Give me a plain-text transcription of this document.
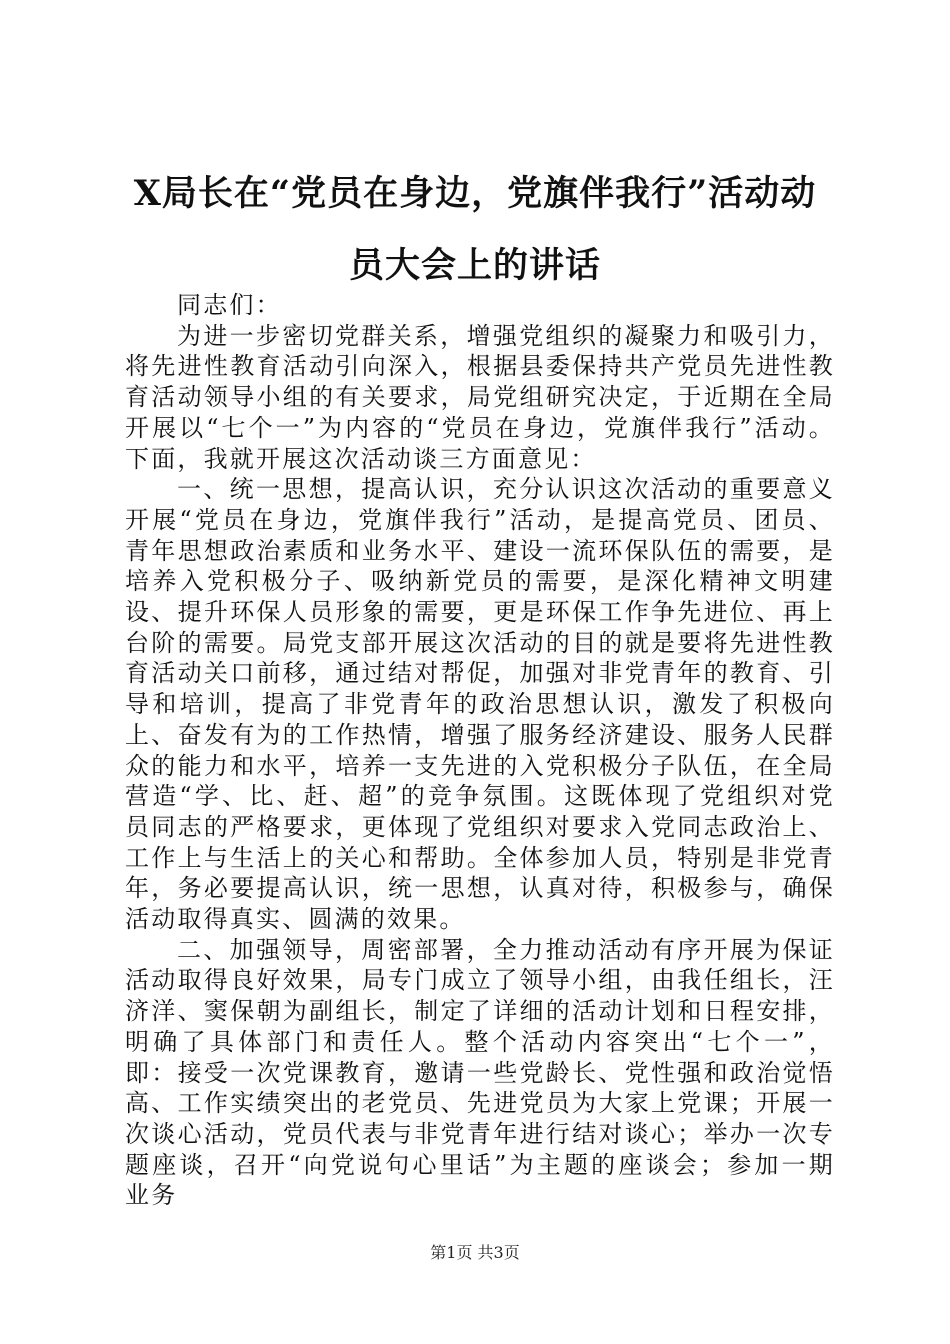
X局长在“党员在身边，党旗伴我行”活动动
员大会上的讲话

同志们：

为进一步密切党群关系，增强党组织的凝聚力和吸引力，将先进性教育活动引向深入，根据县委保持共产党员先进性教育活动领导小组的有关要求，局党组研究决定，于近期在全局开展以“七个一”为内容的“党员在身边，党旗伴我行”活动。下面，我就开展这次活动谈三方面意见：

一、统一思想，提高认识，充分认识这次活动的重要意义开展“党员在身边，党旗伴我行”活动，是提高党员、团员、青年思想政治素质和业务水平、建设一流环保队伍的需要，是培养入党积极分子、吸纳新党员的需要，是深化精神文明建设、提升环保人员形象的需要，更是环保工作争先进位、再上台阶的需要。局党支部开展这次活动的目的就是要将先进性教育活动关口前移，通过结对帮促，加强对非党青年的教育、引导和培训，提高了非党青年的政治思想认识，激发了积极向上、奋发有为的工作热情，增强了服务经济建设、服务人民群众的能力和水平，培养一支先进的入党积极分子队伍，在全局营造“学、比、赶、超”的竞争氛围。这既体现了党组织对党员同志的严格要求，更体现了党组织对要求入党同志政治上、工作上与生活上的关心和帮助。全体参加人员，特别是非党青年，务必要提高认识，统一思想，认真对待，积极参与，确保活动取得真实、圆满的效果。

二、加强领导，周密部署，全力推动活动有序开展为保证活动取得良好效果，局专门成立了领导小组，由我任组长，汪济洋、窦保朝为副组长，制定了详细的活动计划和日程安排，明确了具体部门和责任人。整个活动内容突出“七个一”，即：接受一次党课教育，邀请一些党龄长、党性强和政治觉悟高、工作实绩突出的老党员、先进党员为大家上党课；开展一次谈心活动，党员代表与非党青年进行结对谈心；举办一次专题座谈，召开“向党说句心里话”为主题的座谈会；参加一期业务

第1页 共3页
